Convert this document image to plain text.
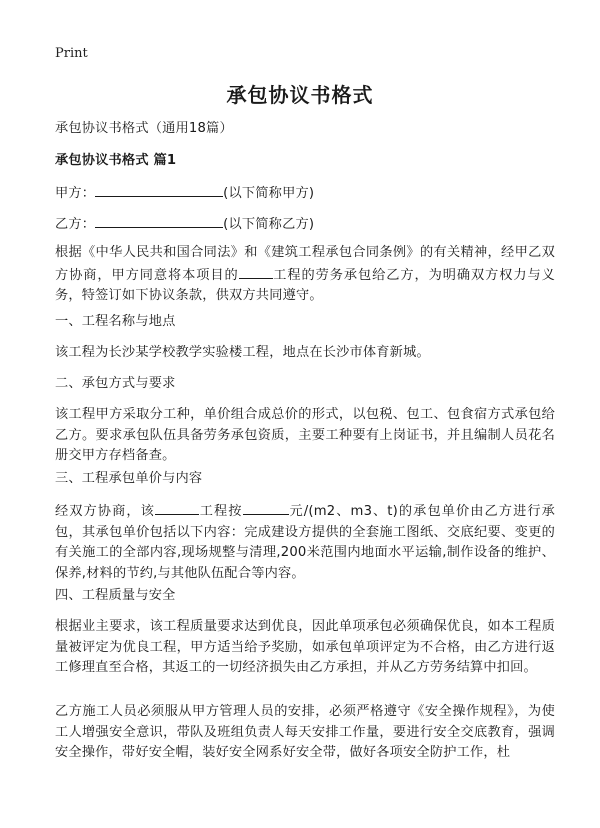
Print
承包协议书格式

承包协议书格式（通用18篇）

承包协议书格式 篇1

甲方：	(以下简称甲方)

乙方：	(以下简称乙方)

根据《中华人民共和国合同法》和《建筑工程承包合同条例》的有关精神，经甲乙双方协商，甲方同意将本项目的	工程的劳务承包给乙方，为明确双方权力与义务，特签订如下协议条款，供双方共同遵守。

一、工程名称与地点

该工程为长沙某学校教学实验楼工程，地点在长沙市体育新城。

二、承包方式与要求

该工程甲方采取分工种，单价组合成总价的形式，以包税、包工、包食宿方式承包给乙方。要求承包队伍具备劳务承包资质，主要工种要有上岗证书，并且编制人员花名册交甲方存档备查。

三、工程承包单价与内容

经双方协商，该	工程按	元/(m2、m3、t)的承包单价由乙方进行承包，其承包单价包括以下内容：完成建设方提供的全套施工图纸、交底纪要、变更的有关施工的全部内容,现场规整与清理,200米范围内地面水平运输,制作设备的维护、保养,材料的节约,与其他队伍配合等内容。

四、工程质量与安全

根据业主要求，该工程质量要求达到优良，因此单项承包必须确保优良，如本工程质量被评定为优良工程，甲方适当给予奖励，如承包单项评定为不合格，由乙方进行返工修理直至合格，其返工的一切经济损失由乙方承担，并从乙方劳务结算中扣回。

乙方施工人员必须服从甲方管理人员的安排，必须严格遵守《安全操作规程》，为使工人增强安全意识，带队及班组负责人每天安排工作量，要进行安全交底教育，强调安全操作，带好安全帽，装好安全网系好安全带，做好各项安全防护工作，杜
